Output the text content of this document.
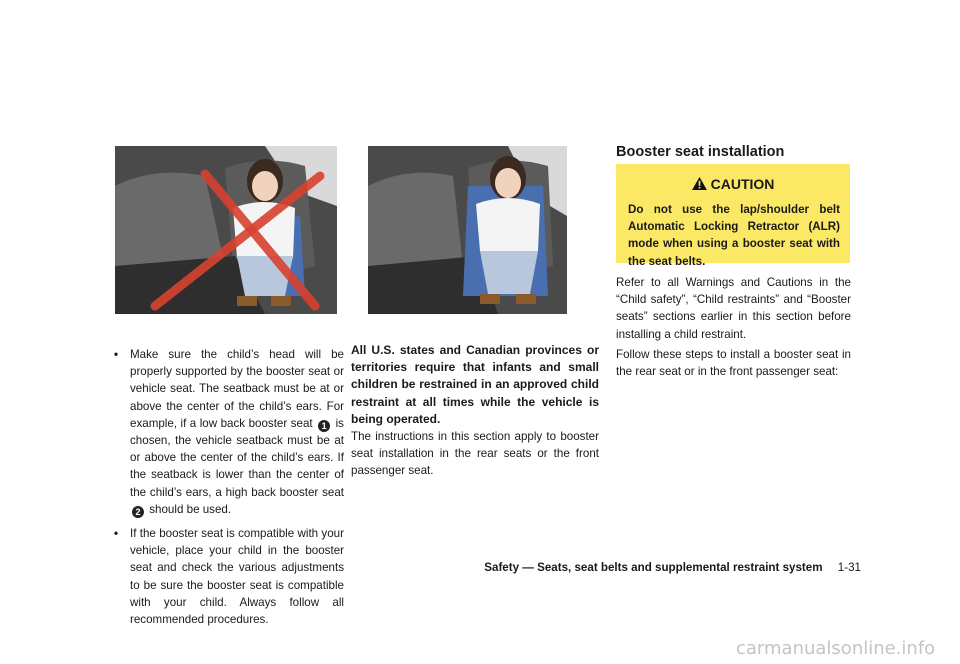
• Make sure the child’s head will be properly supported by the booster seat or vehicle seat. The seatback must be at or above the center of the child’s ears. For example, if a low back booster seat 1 is chosen, the vehicle seatback must be at or above the center of the child’s ears. If the seatback is lower than the center of the child’s ears, a high back booster seat 2 should be used.
• If the booster seat is compatible with your vehicle, place your child in the booster seat and check the various adjustments to be sure the booster seat is compatible with your child. Always follow all recommended procedures.
All U.S. states and Canadian provinces or territories require that infants and small children be restrained in an approved child restraint at all times while the vehicle is being operated.
The instructions in this section apply to booster seat installation in the rear seats or the front passenger seat.
Booster seat installation
CAUTION
Do not use the lap/shoulder belt Automatic Locking Retractor (ALR) mode when using a booster seat with the seat belts.
Refer to all Warnings and Cautions in the “Child safety”, “Child restraints” and “Booster seats” sections earlier in this section before installing a child restraint.
Follow these steps to install a booster seat in the rear seat or in the front passenger seat:
Safety — Seats, seat belts and supplemental restraint system 1-31
carmanualsonline.info
